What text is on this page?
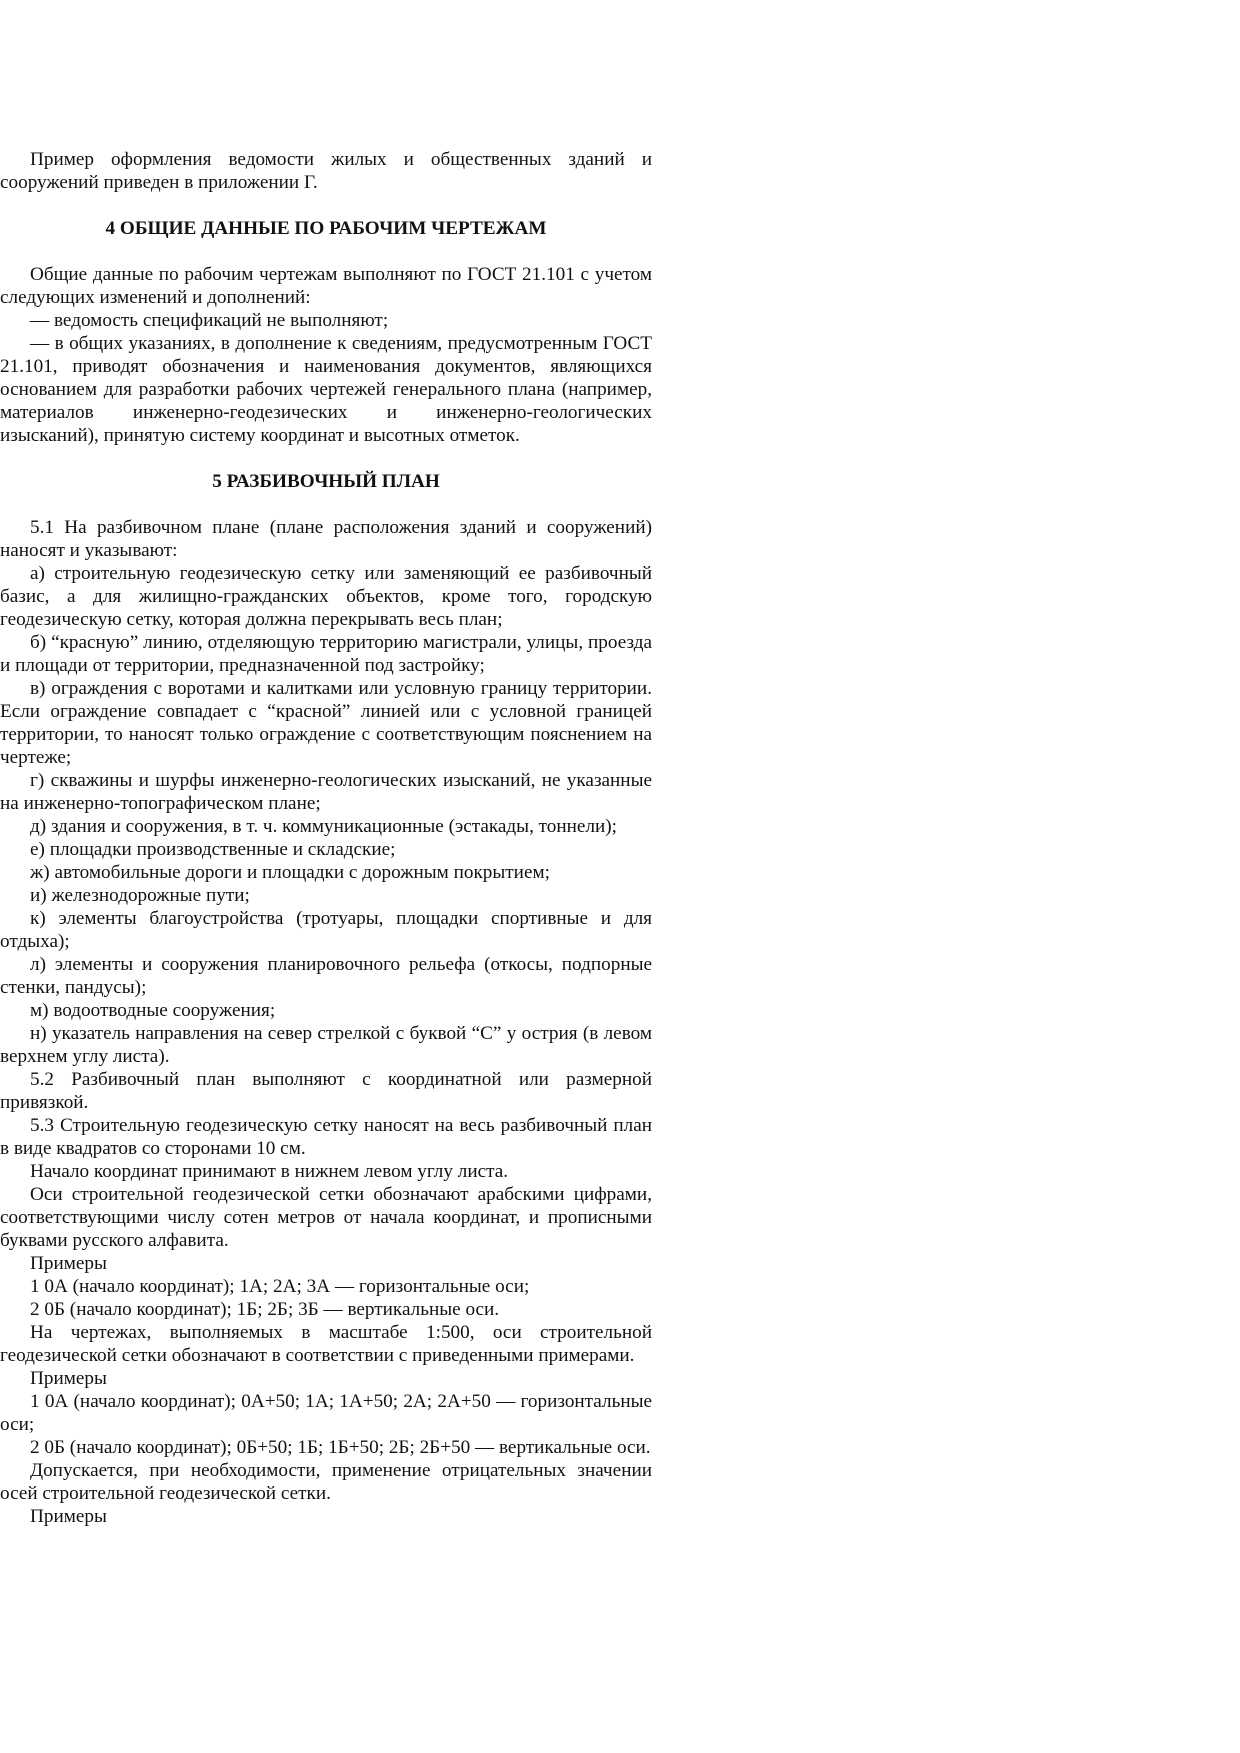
Пример оформления ведомости жилых и общественных зданий и сооружений приведен в приложении Г.

4 ОБЩИЕ ДАННЫЕ ПО РАБОЧИМ ЧЕРТЕЖАМ

Общие данные по рабочим чертежам выполняют по ГОСТ 21.101 с учетом следующих изменений и дополнений:

— ведомость спецификаций не выполняют;

— в общих указаниях, в дополнение к сведениям, предусмотренным ГОСТ 21.101, приводят обозначения и наименования документов, являющихся основанием для разработки рабочих чертежей генерального плана (например, материалов инженерно-геодезических и инженерно-геологических изысканий), принятую систему координат и высотных отметок.

5 РАЗБИВОЧНЫЙ ПЛАН

5.1 На разбивочном плане (плане расположения зданий и сооружений) наносят и указывают:

а) строительную геодезическую сетку или заменяющий ее разбивочный базис, а для жилищно-гражданских объектов, кроме того, городскую геодезическую сетку, которая должна перекрывать весь план;

б) “красную” линию, отделяющую территорию магистрали, улицы, проезда и площади от территории, предназначенной под застройку;

в) ограждения с воротами и калитками или условную границу территории. Если ограждение совпадает с “красной” линией или с условной границей территории, то наносят только ограждение с соответствующим пояснением на чертеже;

г) скважины и шурфы инженерно-геологических изысканий, не указанные на инженерно-топографическом плане;

д) здания и сооружения, в т. ч. коммуникационные (эстакады, тоннели);

е) площадки производственные и складские;

ж) автомобильные дороги и площадки с дорожным покрытием;

и) железнодорожные пути;

к) элементы благоустройства (тротуары, площадки спортивные и для отдыха);

л) элементы и сооружения планировочного рельефа (откосы, подпорные стенки, пандусы);

м) водоотводные сооружения;

н) указатель направления на север стрелкой с буквой “С” у острия (в левом верхнем углу листа).

5.2 Разбивочный план выполняют с координатной или размерной привязкой.

5.3 Строительную геодезическую сетку наносят на весь разбивочный план в виде квадратов со сторонами 10 см.

Начало координат принимают в нижнем левом углу листа.

Оси строительной геодезической сетки обозначают арабскими цифрами, соответствующими числу сотен метров от начала координат, и прописными буквами русского алфавита.

Примеры

1 0А (начало координат); 1А; 2А; 3А — горизонтальные оси;

2 0Б (начало координат); 1Б; 2Б; 3Б — вертикальные оси.

На чертежах, выполняемых в масштабе 1:500, оси строительной геодезической сетки обозначают в соответствии с приведенными примерами.

Примеры

1 0А (начало координат); 0А+50; 1А; 1А+50; 2А; 2А+50 — горизонтальные оси;

2 0Б (начало координат); 0Б+50; 1Б; 1Б+50; 2Б; 2Б+50 — вертикальные оси.

Допускается, при необходимости, применение отрицательных значении осей строительной геодезической сетки.

Примеры
